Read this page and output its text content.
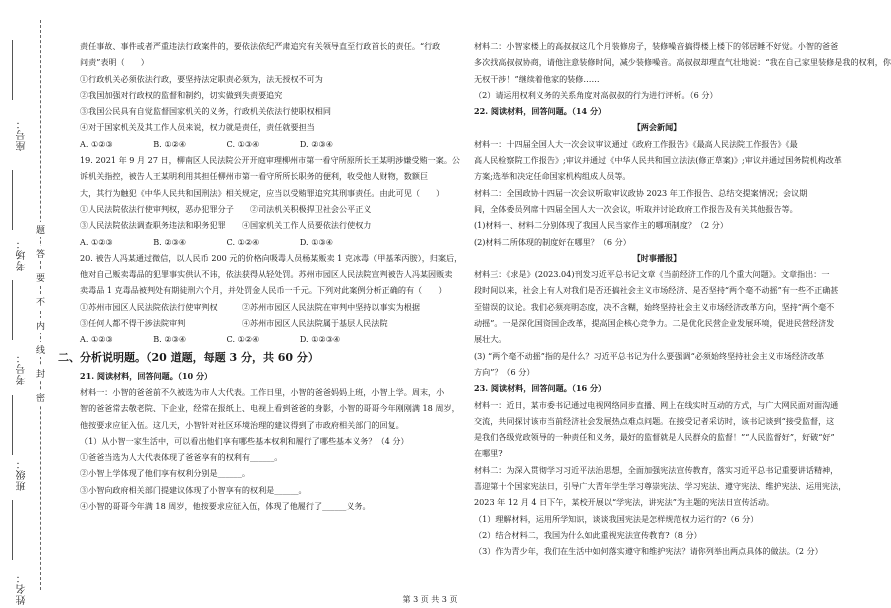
座号：
考场：
考号：
班级：
姓名：
题
答
要
不
内
线
封
密

责任事故、事件或者严重违法行政案件的，要依法依纪严肃追究有关领导直至行政首长的责任。“行政

问责”表明（　　）

①行政机关必须依法行政，要坚持法定职责必须为，法无授权不可为

②我国加强对行政权的监督和制约，切实做到失责要追究

③我国公民具有自觉监督国家机关的义务，行政机关依法行使职权相同

④对于国家机关及其工作人员来说，权力就是责任，责任就要担当

A. ①②③　　　　　B. ①②④　　　　　C. ①③④　　　　　D. ②③④

19. 2021 年 9 月 27 日，柳南区人民法院公开开庭审理柳州市第一看守所原所长王某明涉嫌受贿一案。公

诉机关指控，被告人王某明利用其担任柳州市第一看守所所长职务的便利，收受他人财物，数额巨

大，其行为触犯《中华人民共和国刑法》相关规定，应当以受贿罪追究其刑事责任。由此可见（　　）

①人民法院依法行使审判权，恶办犯罪分子　　②司法机关积极捍卫社会公平正义

③人民法院依法调查职务违法和职务犯罪　　④国家机关工作人员要依法行使权力

A. ①②③　　　　　B. ②③④　　　　　C. ①②④　　　　　D. ①③④

20. 被告人冯某通过微信，以人民币 200 元的价格向吸毒人员杨某贩卖 1 克冰毒（甲基苯丙胺），归案后，

他对自己贩卖毒品的犯罪事实供认不讳，依法获得从轻处罚。苏州市园区人民法院宣判被告人冯某因贩卖

卖毒品 1 克毒品被判处有期徒刑六个月，并处罚金人民币一千元。下列对此案例分析正确的有（　　）

①苏州市园区人民法院依法行使审判权　　　②苏州市园区人民法院在审判中坚持以事实为根据

③任何人都不得干涉法院审判　　　　　　　④苏州市园区人民法院属于基层人民法院

A. ①②③　　　　　B. ②③④　　　　　C. ①②④　　　　　D. ①②③④

二、分析说明题。（20 道题，每题 3 分，共 60 分）

21. 阅读材料，回答问题。（10 分）

材料一：小智的爸爸前不久被选为市人大代表。工作日里，小智的爸爸妈妈上班，小智上学。周末，小

智的爸爸常去敬老院、下企业，经常在报纸上、电视上看到爸爸的身影，小智的哥哥今年刚刚满 18 周岁，

他按要求应征入伍。这几天，小智针对社区环境治理的建议得到了市政府相关部门的回复。

（1）从小智一家生活中，可以看出他们享有哪些基本权利和履行了哪些基本义务？（4 分）

①爸爸当选为人大代表体现了爸爸享有的权利有______。

②小智上学体现了他们享有权利分别是______。

③小智向政府相关部门提建议体现了小智享有的权利是______。

④小智的哥哥今年满 18 周岁，他按要求应征入伍，体现了他履行了______义务。

材料二：小智家楼上的高叔叔这几个月装修房子，装修噪音搞得楼上楼下的邻居睡不好觉。小智的爸爸

多次找高叔叔协商，请他注意装修时间，减少装修噪音。高叔叔却理直气壮地说：“我在自己家里装修是我的权利，你

无权干涉！”继续着他家的装修……

（2）请运用权利义务的关系角度对高叔叔的行为进行评析。（6 分）

22. 阅读材料，回答问题。（14 分）

【两会新闻】

材料一：十四届全国人大一次会议审议通过《政府工作报告》《最高人民法院工作报告》《最

高人民检察院工作报告》;审议并通过《中华人民共和国立法法(修正草案)》;审议并通过国务院机构改革

方案;选举和决定任命国家机构组成人员等。

材料二：全国政协十四届一次会议听取审议政协 2023 年工作报告、总结交提案情况；会议期

间，全体委员列席十四届全国人大一次会议，听取并讨论政府工作报告及有关其他报告等。

(1)材料一、材料二分别体现了我国人民当家作主的哪项制度？（2 分）

(2)材料二所体现的制度好在哪里？（6 分）

【时事播报】

材料三：《求是》(2023.04)刊发习近平总书记文章《当前经济工作的几个重大问题》。文章指出：一

段时间以来，社会上有人对我们是否还搞社会主义市场经济、是否坚持“两个毫不动摇”有一些不正确甚

至错误的议论。我们必须亮明态度，决不含糊，始终坚持社会主义市场经济改革方向，坚持“两个毫不

动摇”。一是深化国资国企改革，提高国企核心竞争力。二是优化民营企业发展环境，促进民营经济发

展壮大。

(3) “两个毫不动摇”指的是什么？习近平总书记为什么要强调“必须始终坚持社会主义市场经济改革

方向”？（6 分）

23. 阅读材料，回答问题。（16 分）

材料一：近日，某市委书记通过电视网络同步直播、网上在线实时互动的方式，与广大网民面对面沟通

交流，共同探讨该市当前经济社会发展热点难点问题。在接受记者采访时，该书记谈到“接受监督，这

是我们各级党政领导的一种责任和义务，最好的监督就是人民群众的监督！”“人民监督好”，好破“好”

在哪里?

材料二：为深入贯彻学习习近平法治思想，全面加强宪法宣传教育，落实习近平总书记重要讲话精神，

喜迎第十个国家宪法日，引导广大青年学生学习尊崇宪法、学习宪法、遵守宪法、维护宪法、运用宪法，

2023 年 12 月 4 日下午，某校开展以“学宪法，讲宪法”为主题的宪法日宣传活动。

（1）理解材料，运用所学知识，谈谈我国宪法是怎样规范权力运行的?（6 分）

（2）结合材料二，我国为什么如此重视宪法宣传教育?（8 分）

（3）作为青少年，我们在生活中如何落实遵守和维护宪法？请你列举出两点具体的做法。（2 分）

第 3 页 共 3 页
